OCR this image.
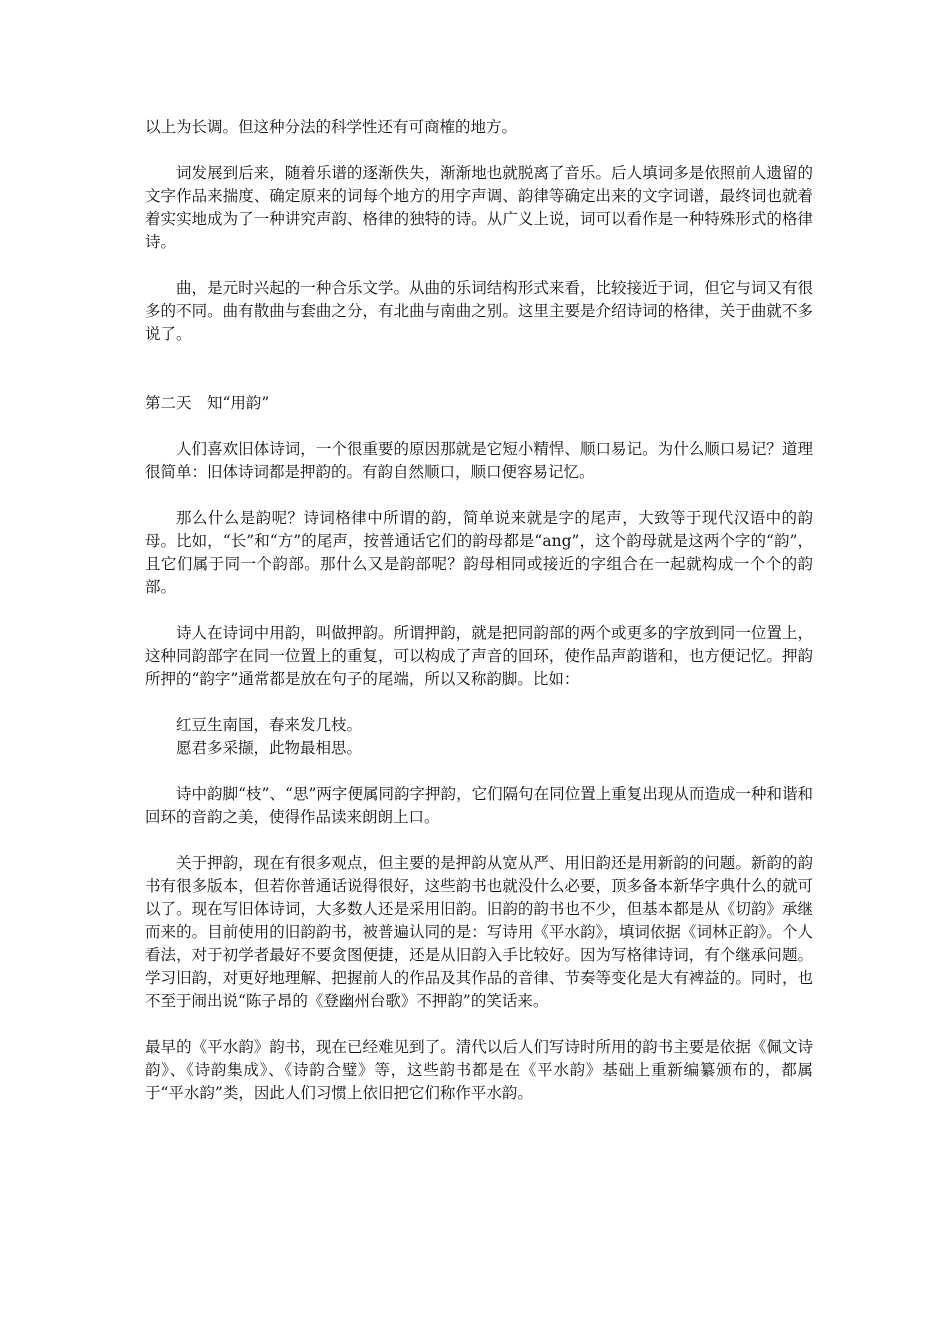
以上为长调。但这种分法的科学性还有可商榷的地方。

词发展到后来，随着乐谱的逐渐佚失，渐渐地也就脱离了音乐。后人填词多是依照前人遗留的文字作品来揣度、确定原来的词每个地方的用字声调、韵律等确定出来的文字词谱，最终词也就着着实实地成为了一种讲究声韵、格律的独特的诗。从广义上说，词可以看作是一种特殊形式的格律诗。

曲，是元时兴起的一种合乐文学。从曲的乐词结构形式来看，比较接近于词，但它与词又有很多的不同。曲有散曲与套曲之分，有北曲与南曲之别。这里主要是介绍诗词的格律，关于曲就不多说了。

第二天　知“用韵”

人们喜欢旧体诗词，一个很重要的原因那就是它短小精悍、顺口易记。为什么顺口易记？道理很简单：旧体诗词都是押韵的。有韵自然顺口，顺口便容易记忆。

那么什么是韵呢？诗词格律中所谓的韵，简单说来就是字的尾声，大致等于现代汉语中的韵母。比如，“长”和“方”的尾声，按普通话它们的韵母都是“ang”，这个韵母就是这两个字的“韵”，且它们属于同一个韵部。那什么又是韵部呢？韵母相同或接近的字组合在一起就构成一个个的韵部。

诗人在诗词中用韵，叫做押韵。所谓押韵，就是把同韵部的两个或更多的字放到同一位置上，这种同韵部字在同一位置上的重复，可以构成了声音的回环，使作品声韵谐和，也方便记忆。押韵所押的“韵字”通常都是放在句子的尾端，所以又称韵脚。比如：

红豆生南国，春来发几枝。
愿君多采撷，此物最相思。

诗中韵脚“枝”、“思”两字便属同韵字押韵，它们隔句在同位置上重复出现从而造成一种和谐和回环的音韵之美，使得作品读来朗朗上口。

关于押韵，现在有很多观点，但主要的是押韵从宽从严、用旧韵还是用新韵的问题。新韵的韵书有很多版本，但若你普通话说得很好，这些韵书也就没什么必要，顶多备本新华字典什么的就可以了。现在写旧体诗词，大多数人还是采用旧韵。旧韵的韵书也不少，但基本都是从《切韵》承继而来的。目前使用的旧韵韵书，被普遍认同的是：写诗用《平水韵》，填词依据《词林正韵》。个人看法，对于初学者最好不要贪图便捷，还是从旧韵入手比较好。因为写格律诗词，有个继承问题。学习旧韵，对更好地理解、把握前人的作品及其作品的音律、节奏等变化是大有裨益的。同时，也不至于闹出说“陈子昂的《登幽州台歌》不押韵”的笑话来。

最早的《平水韵》韵书，现在已经难见到了。清代以后人们写诗时所用的韵书主要是依据《佩文诗韵》、《诗韵集成》、《诗韵合璧》等，这些韵书都是在《平水韵》基础上重新编纂颁布的，都属于“平水韵”类，因此人们习惯上依旧把它们称作平水韵。
